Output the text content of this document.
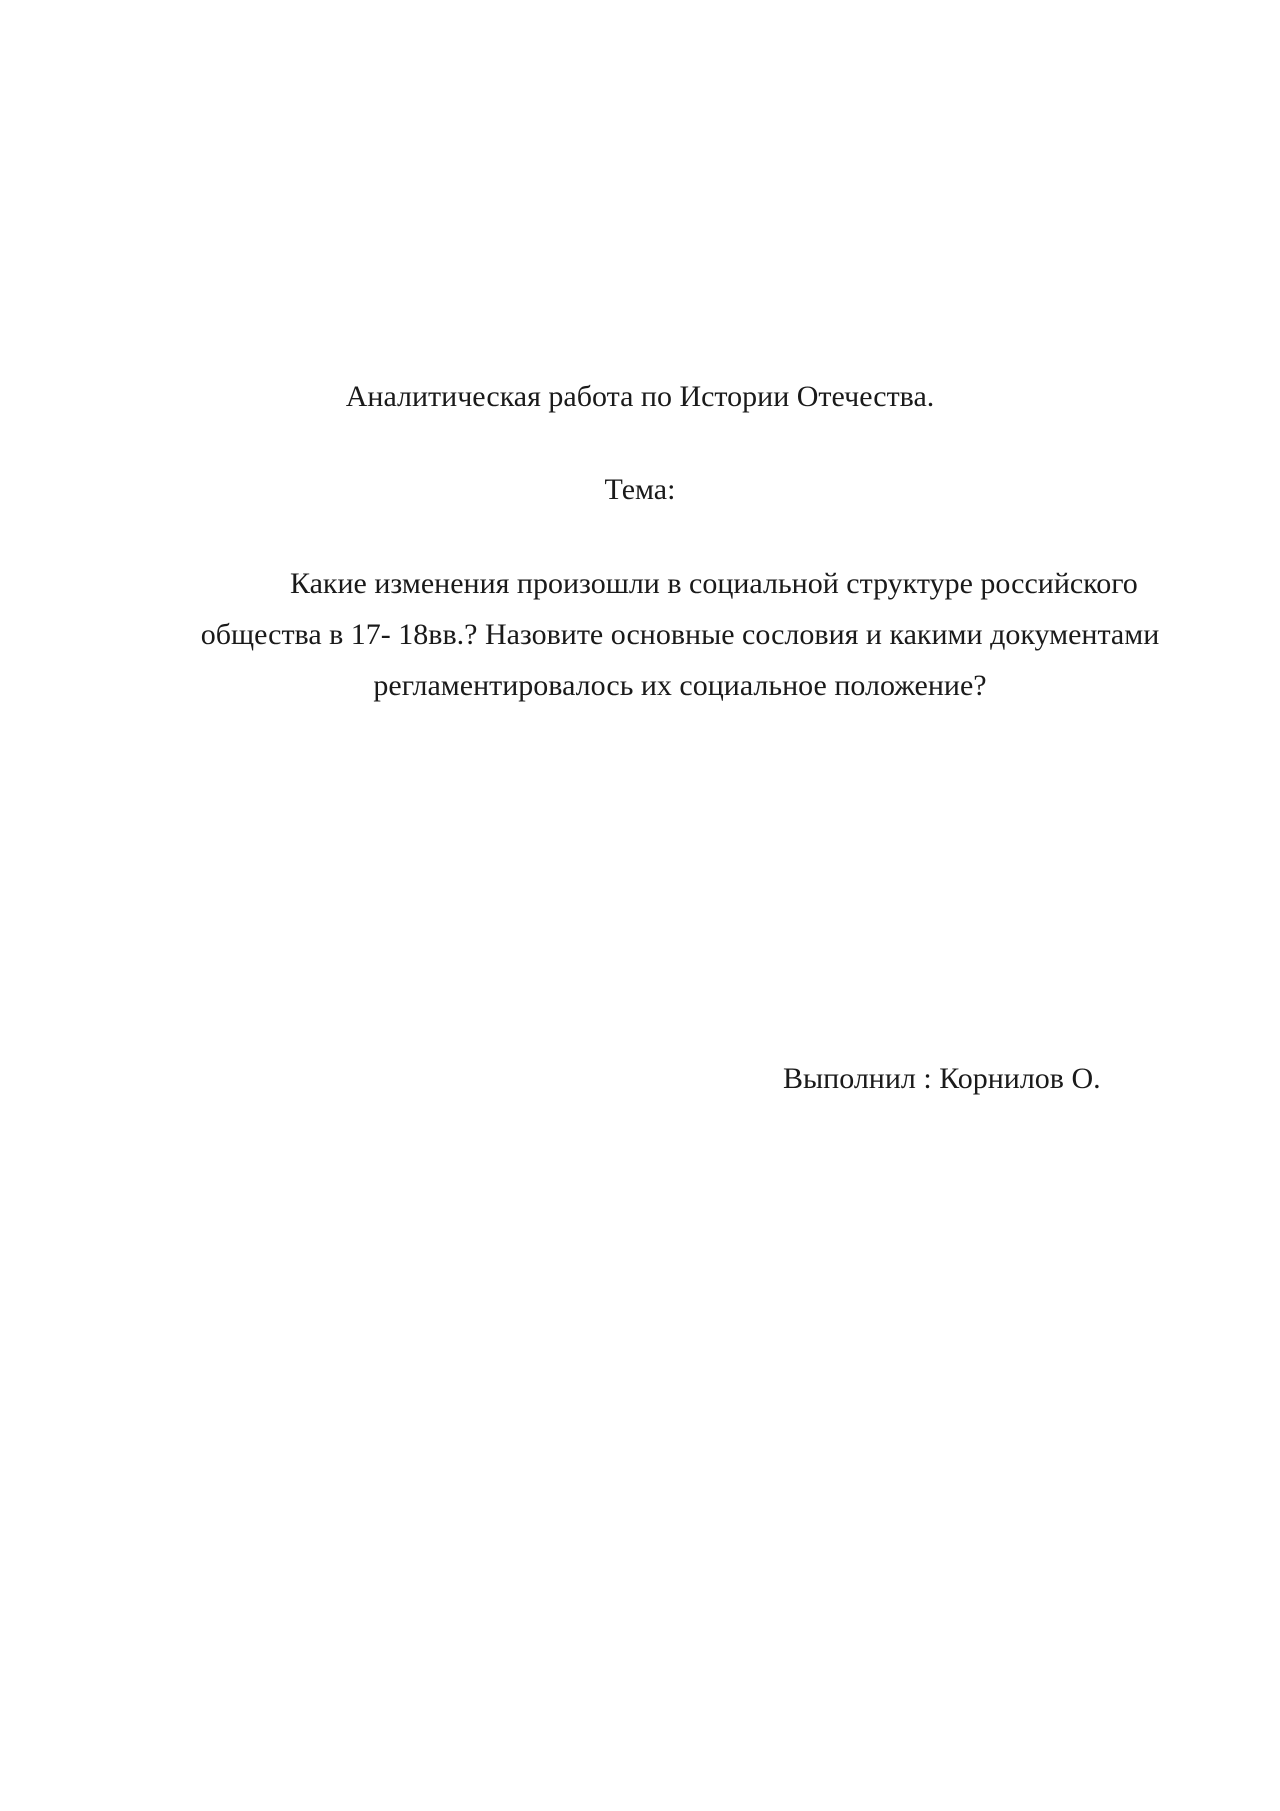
Аналитическая работа по Истории Отечества.
Тема:
Какие изменения произошли в социальной структуре российского
общества в 17- 18вв.? Назовите основные сословия и какими документами
регламентировалось их социальное положение?
Выполнил : Корнилов О.
